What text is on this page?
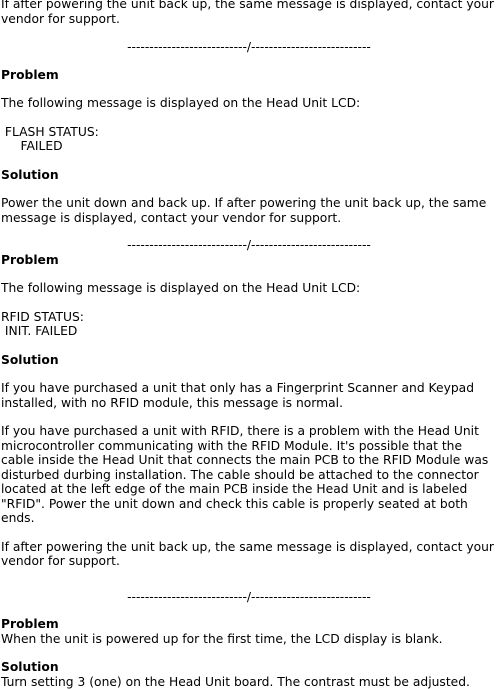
If after powering the unit back up, the same message is displayed, contact your vendor for support.

---------------------------/---------------------------

Problem

The following message is displayed on the Head Unit LCD:

FLASH STATUS:

FAILED

Solution

Power the unit down and back up. If after powering the unit back up, the same message is displayed, contact your vendor for support.

---------------------------/---------------------------

Problem

The following message is displayed on the Head Unit LCD:

RFID STATUS:

INIT. FAILED

Solution

If you have purchased a unit that only has a Fingerprint Scanner and Keypad installed, with no RFID module, this message is normal.

If you have purchased a unit with RFID, there is a problem with the Head Unit microcontroller communicating with the RFID Module. It's possible that the cable inside the Head Unit that connects the main PCB to the RFID Module was disturbed durbing installation. The cable should be attached to the connector located at the left edge of the main PCB inside the Head Unit and is labeled "RFID". Power the unit down and check this cable is properly seated at both ends.

If after powering the unit back up, the same message is displayed, contact your vendor for support.

---------------------------/---------------------------

Problem

When the unit is powered up for the first time, the LCD display is blank.

Solution

Turn setting 3 (one) on the Head Unit board. The contrast must be adjusted.
